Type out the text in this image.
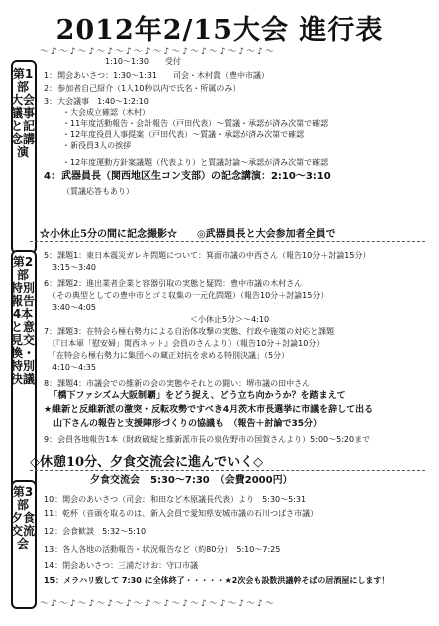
2012年2/15大会 進行表
～♪～♪～♪～♪～♪～♪～♪～♪～♪～♪～♪～♪～
第1部 大会議事と記念講演
1:10～1:30　　受付
1：開会あいさつ：1:30～1:31　　司会・木村貴（豊中市議）
2：参加者自己紹介（1人10秒以内で氏名・所属のみ）
3：大会議事　1:40～1:2:10
・大会成立確認（木村）
・11年度活動報告・会計報告（戸田代表）～質議・承認が済み次第で確認
・12年度役員人事提案（戸田代表）～質議・承認が済み次第で確認
・新役員3人の挨拶
・12年度運動方針案議題（代表より）と質議討論～承認が済み次第で確認
4：武器員長（関西地区生コン支部）の記念講演：2:10～3:10
（質議応答もあり）
☆小休止5分の間に記念撮影☆　　◎武器員長と大会参加者全員で
第2部 特別報告4本と意見交換・特別決議
5：課題1：東日本震災ガレキ問題について：箕面市議の中西さん（報告10分＋討論15分）
　3:15～3:40
6：課題2：進出業者企業と容器引取の実態と疑問：豊中市議の木村さん
　（その典型としての豊中市とゴミ収集の一元化問題）（報告10分＋討論15分）
　3:40～4:05
＜小休止5分＞～4:10
7：課題3：在特会ら極右勢力による自治体攻撃の実態、行政や施策の対応と課題
　〔『日本軍「慰安婦」関西ネット』会員のさんより〕（報告10分＋討論10分）
　「在特会ら極右勢力に集団への蔵正対抗を求める特別決議」（5分）
　4:10～4:35
8：課題4：市議会での維新の会の実態やそれとの闘い：堺市議の田中さん
　「橋下ファシズム大阪制覇」をどう捉え、どう立ち向かうか？を踏まえて
★維新と反維新派の激突・反転攻勢ですべき4月茨木市長選挙に市議を辞して出る
　山下さんの報告と支援陣形づくりの協議も　（報告＋討論で35分）
9：会員各地報告1本（財政破綻と維新派市長の泉佐野市の国賀さんより）5:00～5:20まで
◇休憩10分、夕食交流会に進んでいく◇
第3部 夕食交流会
夕食交流会　5:30～7:30　（会費2000円）
10：開会のあいさつ（司会：和田など木原議長代表）より　5:30～5:31
11：乾杯（音頭を取るのは、新入会員で愛知県安城市議の石川つばさ市議）
12：会食歓談　5:32～5:10
13：各人各地の活動報告・状況報告など（約80分）　5:10～7:25
14：閉会あいさつ：三浦だけお：守口市議
15：メラハリ致して 7:30 に全体終了・・・・・★2次会も設数洪議幹そばの居酒屋にします！
～♪～♪～♪～♪～♪～♪～♪～♪～♪～♪～♪～♪～
